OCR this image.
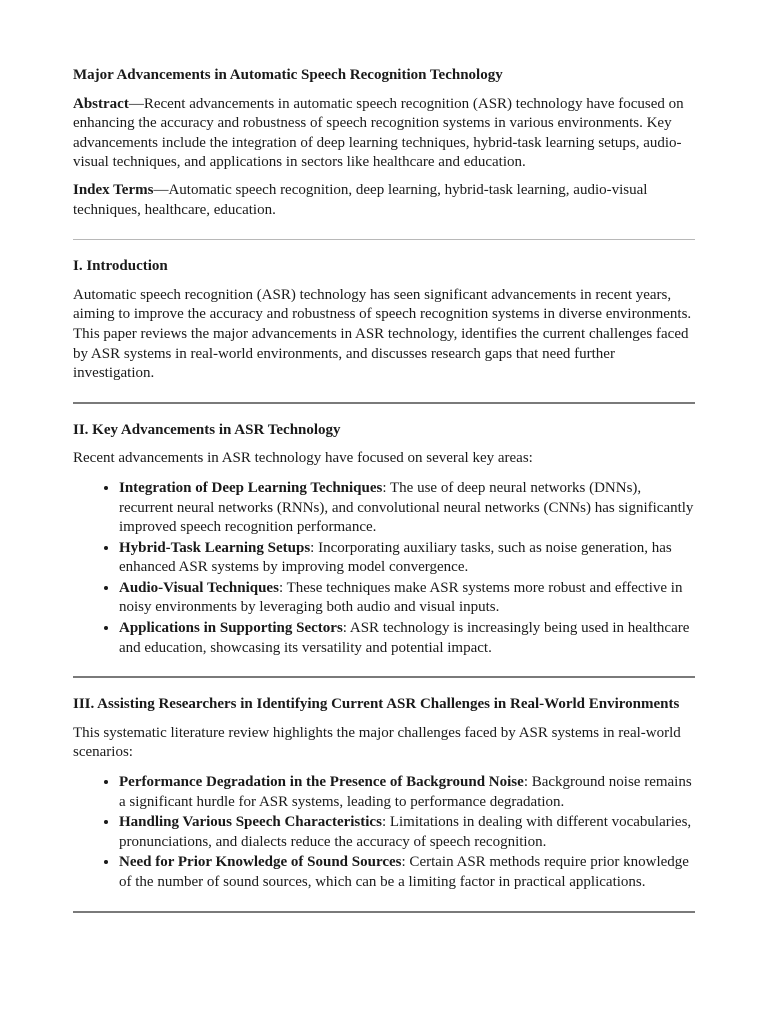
Major Advancements in Automatic Speech Recognition Technology

Abstract—Recent advancements in automatic speech recognition (ASR) technology have focused on enhancing the accuracy and robustness of speech recognition systems in various environments. Key advancements include the integration of deep learning techniques, hybrid-task learning setups, audio-visual techniques, and applications in sectors like healthcare and education.

Index Terms—Automatic speech recognition, deep learning, hybrid-task learning, audio-visual techniques, healthcare, education.

I. Introduction

Automatic speech recognition (ASR) technology has seen significant advancements in recent years, aiming to improve the accuracy and robustness of speech recognition systems in diverse environments. This paper reviews the major advancements in ASR technology, identifies the current challenges faced by ASR systems in real-world environments, and discusses research gaps that need further investigation.

II. Key Advancements in ASR Technology

Recent advancements in ASR technology have focused on several key areas:

• Integration of Deep Learning Techniques: The use of deep neural networks (DNNs), recurrent neural networks (RNNs), and convolutional neural networks (CNNs) has significantly improved speech recognition performance.
• Hybrid-Task Learning Setups: Incorporating auxiliary tasks, such as noise generation, has enhanced ASR systems by improving model convergence.
• Audio-Visual Techniques: These techniques make ASR systems more robust and effective in noisy environments by leveraging both audio and visual inputs.
• Applications in Supporting Sectors: ASR technology is increasingly being used in healthcare and education, showcasing its versatility and potential impact.
III. Assisting Researchers in Identifying Current ASR Challenges in Real-World Environments

This systematic literature review highlights the major challenges faced by ASR systems in real-world scenarios:

• Performance Degradation in the Presence of Background Noise: Background noise remains a significant hurdle for ASR systems, leading to performance degradation.
• Handling Various Speech Characteristics: Limitations in dealing with different vocabularies, pronunciations, and dialects reduce the accuracy of speech recognition.
• Need for Prior Knowledge of Sound Sources: Certain ASR methods require prior knowledge of the number of sound sources, which can be a limiting factor in practical applications.
